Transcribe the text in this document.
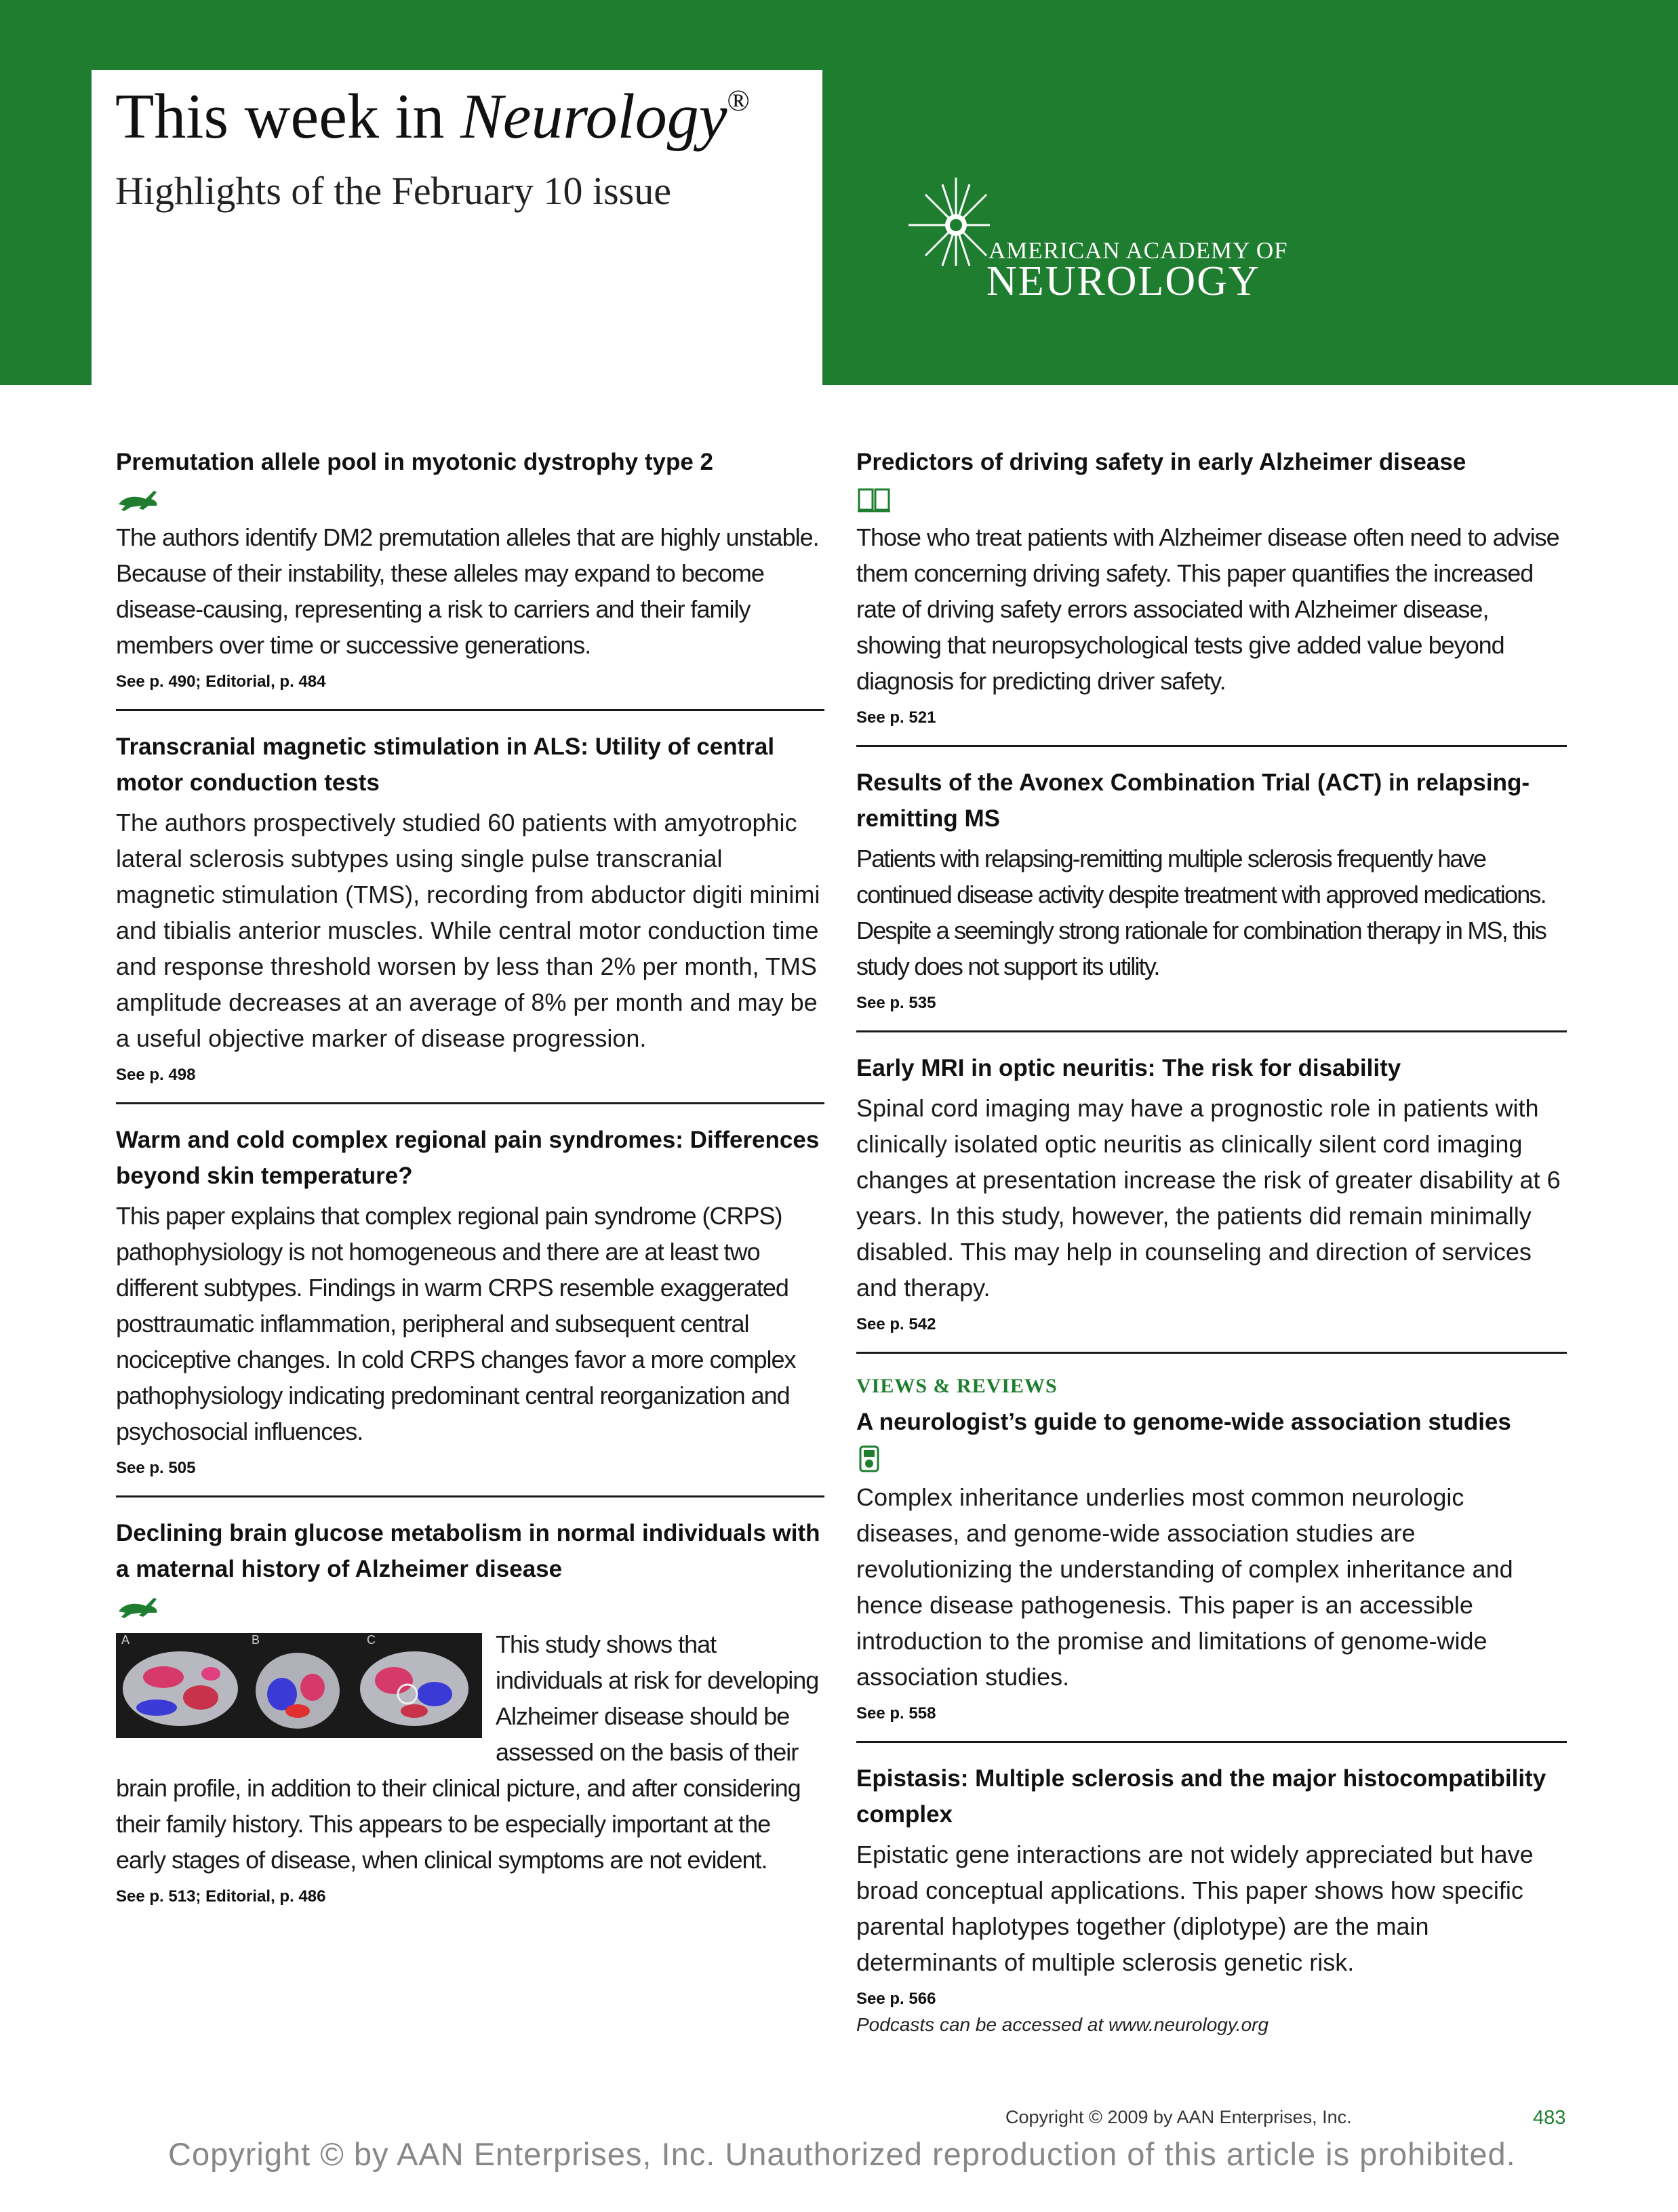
This week in Neurology®
Highlights of the February 10 issue
AMERICAN ACADEMY OF
NEUROLOGY
Premutation allele pool in myotonic dystrophy type 2

The authors identify DM2 premutation alleles that are highly unstable. Because of their instability, these alleles may expand to become disease-causing, representing a risk to carriers and their family members over time or successive generations.

See p. 490; Editorial, p. 484
Transcranial magnetic stimulation in ALS: Utility of central motor conduction tests

The authors prospectively studied 60 patients with amyotrophic lateral sclerosis subtypes using single pulse transcranial magnetic stimulation (TMS), recording from abductor digiti minimi and tibialis anterior muscles. While central motor conduction time and response threshold worsen by less than 2% per month, TMS amplitude decreases at an average of 8% per month and may be a useful objective marker of disease progression.

See p. 498
Warm and cold complex regional pain syndromes: Differences beyond skin temperature?

This paper explains that complex regional pain syndrome (CRPS) pathophysiology is not homogeneous and there are at least two different subtypes. Findings in warm CRPS resemble exaggerated posttraumatic inflammation, peripheral and subsequent central nociceptive changes. In cold CRPS changes favor a more complex pathophysiology indicating predominant central reorganization and psychosocial influences.

See p. 505
Declining brain glucose metabolism in normal individuals with a maternal history of Alzheimer disease
A	B	C	This study shows that individuals at risk for developing Alzheimer disease should be assessed on the basis of their brain profile, in addition to their clinical picture, and after considering their family history. This appears to be especially important at the early stages of disease, when clinical symptoms are not evident.

See p. 513; Editorial, p. 486
Predictors of driving safety in early Alzheimer disease

Those who treat patients with Alzheimer disease often need to advise them concerning driving safety. This paper quantifies the increased rate of driving safety errors associated with Alzheimer disease, showing that neuropsychological tests give added value beyond diagnosis for predicting driver safety.

See p. 521
Results of the Avonex Combination Trial (ACT) in relapsing-remitting MS

Patients with relapsing-remitting multiple sclerosis frequently have continued disease activity despite treatment with approved medications. Despite a seemingly strong rationale for combination therapy in MS, this study does not support its utility.

See p. 535
Early MRI in optic neuritis: The risk for disability

Spinal cord imaging may have a prognostic role in patients with clinically isolated optic neuritis as clinically silent cord imaging changes at presentation increase the risk of greater disability at 6 years. In this study, however, the patients did remain minimally disabled. This may help in counseling and direction of services and therapy.

See p. 542
VIEWS & REVIEWS
A neurologist’s guide to genome-wide association studies

Complex inheritance underlies most common neurologic diseases, and genome-wide association studies are revolutionizing the understanding of complex inheritance and hence disease pathogenesis. This paper is an accessible introduction to the promise and limitations of genome-wide association studies.

See p. 558
Epistasis: Multiple sclerosis and the major histocompatibility complex

Epistatic gene interactions are not widely appreciated but have broad conceptual applications. This paper shows how specific parental haplotypes together (diplotype) are the main determinants of multiple sclerosis genetic risk.

See p. 566
Podcasts can be accessed at www.neurology.org
Copyright © 2009 by AAN Enterprises, Inc.	483
Copyright © by AAN Enterprises, Inc. Unauthorized reproduction of this article is prohibited.
